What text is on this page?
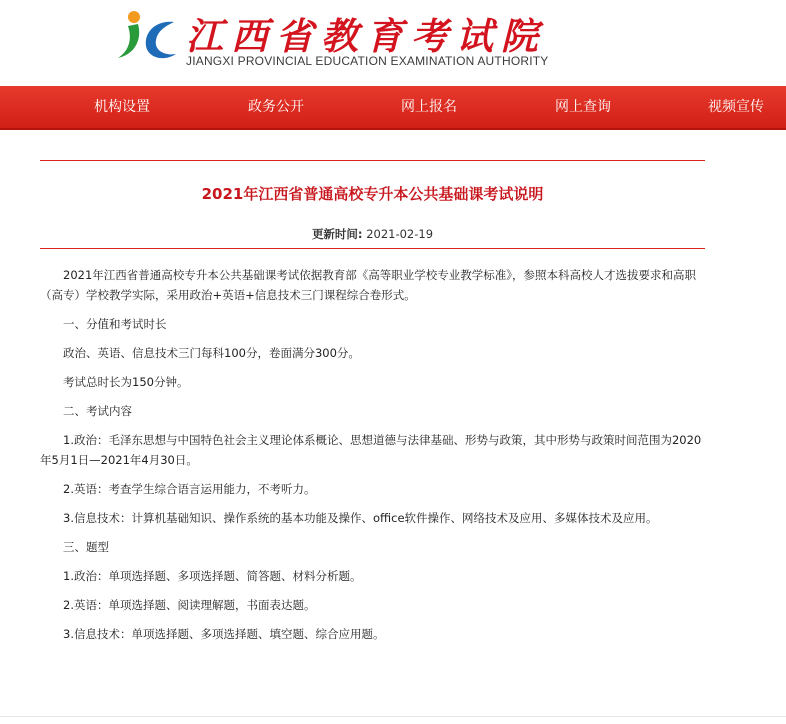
江西省教育考试院
JIANGXI PROVINCIAL EDUCATION EXAMINATION AUTHORITY
机构设置	政务公开	网上报名	网上查询	视频宣传
2021年江西省普通高校专升本公共基础课考试说明
更新时间: 2021-02-19

2021年江西省普通高校专升本公共基础课考试依据教育部《高等职业学校专业教学标准》，参照本科高校人才选拔要求和高职（高专）学校教学实际，采用政治+英语+信息技术三门课程综合卷形式。

一、分值和考试时长

政治、英语、信息技术三门每科100分，卷面满分300分。

考试总时长为150分钟。

二、考试内容

1.政治：毛泽东思想与中国特色社会主义理论体系概论、思想道德与法律基础、形势与政策，其中形势与政策时间范围为2020年5月1日—2021年4月30日。

2.英语：考查学生综合语言运用能力，不考听力。

3.信息技术：计算机基础知识、操作系统的基本功能及操作、office软件操作、网络技术及应用、多媒体技术及应用。

三、题型

1.政治：单项选择题、多项选择题、简答题、材料分析题。

2.英语：单项选择题、阅读理解题，书面表达题。

3.信息技术：单项选择题、多项选择题、填空题、综合应用题。
